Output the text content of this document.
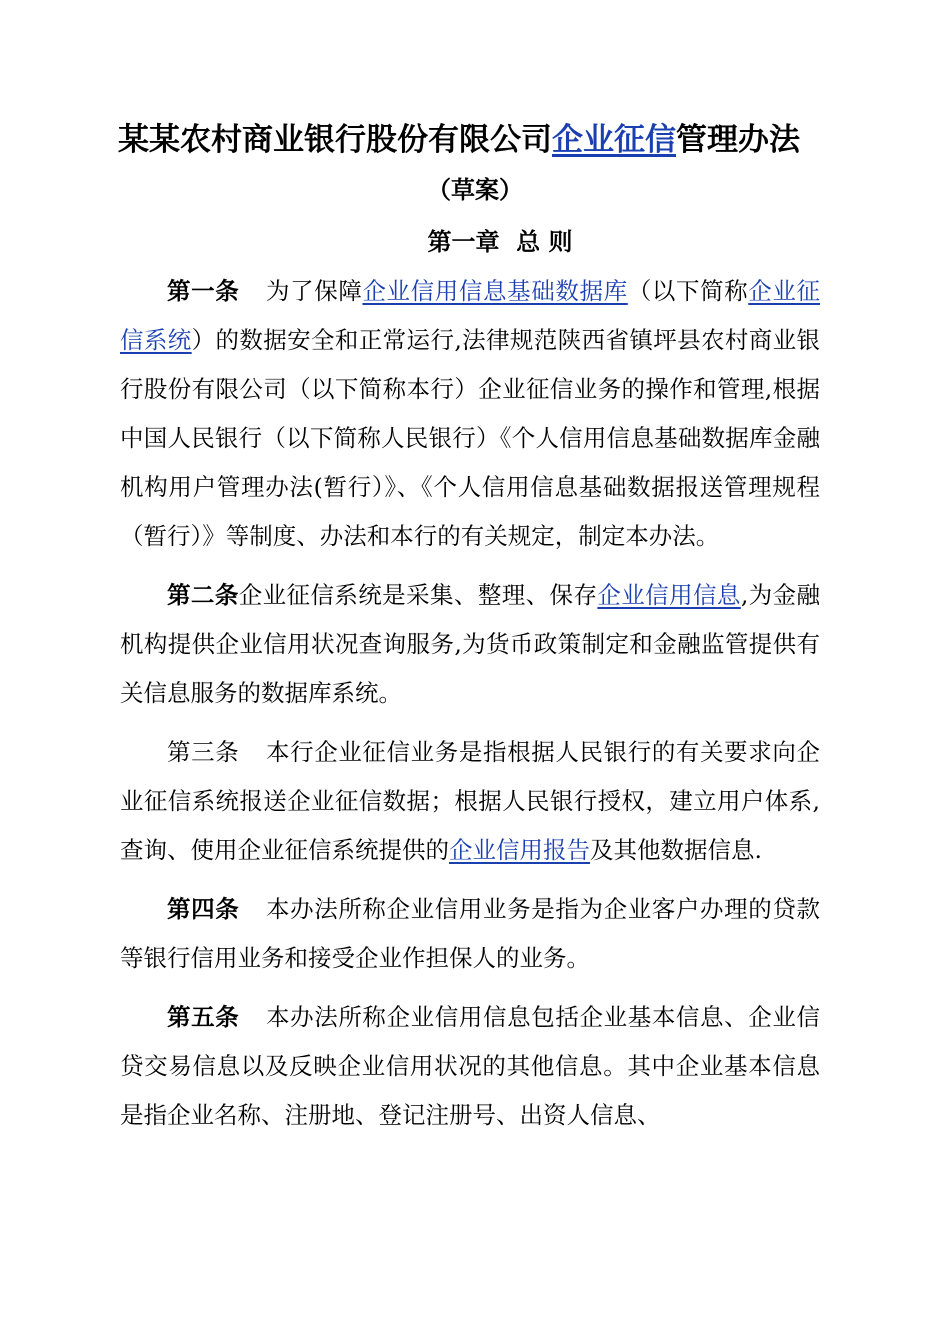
某某农村商业银行股份有限公司企业征信管理办法
（草案）
第一章  总 则

第一条 为了保障企业信用信息基础数据库（以下简称企业征信系统）的数据安全和正常运行,法律规范陕西省镇坪县农村商业银行股份有限公司（以下简称本行）企业征信业务的操作和管理,根据中国人民银行（以下简称人民银行）《个人信用信息基础数据库金融机构用户管理办法(暂行）》、《个人信用信息基础数据报送管理规程（暂行）》等制度、办法和本行的有关规定，制定本办法。

第二条企业征信系统是采集、整理、保存企业信用信息,为金融机构提供企业信用状况查询服务,为货币政策制定和金融监管提供有关信息服务的数据库系统。

第三条 本行企业征信业务是指根据人民银行的有关要求向企业征信系统报送企业征信数据；根据人民银行授权，建立用户体系,查询、使用企业征信系统提供的企业信用报告及其他数据信息.

第四条 本办法所称企业信用业务是指为企业客户办理的贷款等银行信用业务和接受企业作担保人的业务。

第五条 本办法所称企业信用信息包括企业基本信息、企业信贷交易信息以及反映企业信用状况的其他信息。其中企业基本信息是指企业名称、注册地、登记注册号、出资人信息、
